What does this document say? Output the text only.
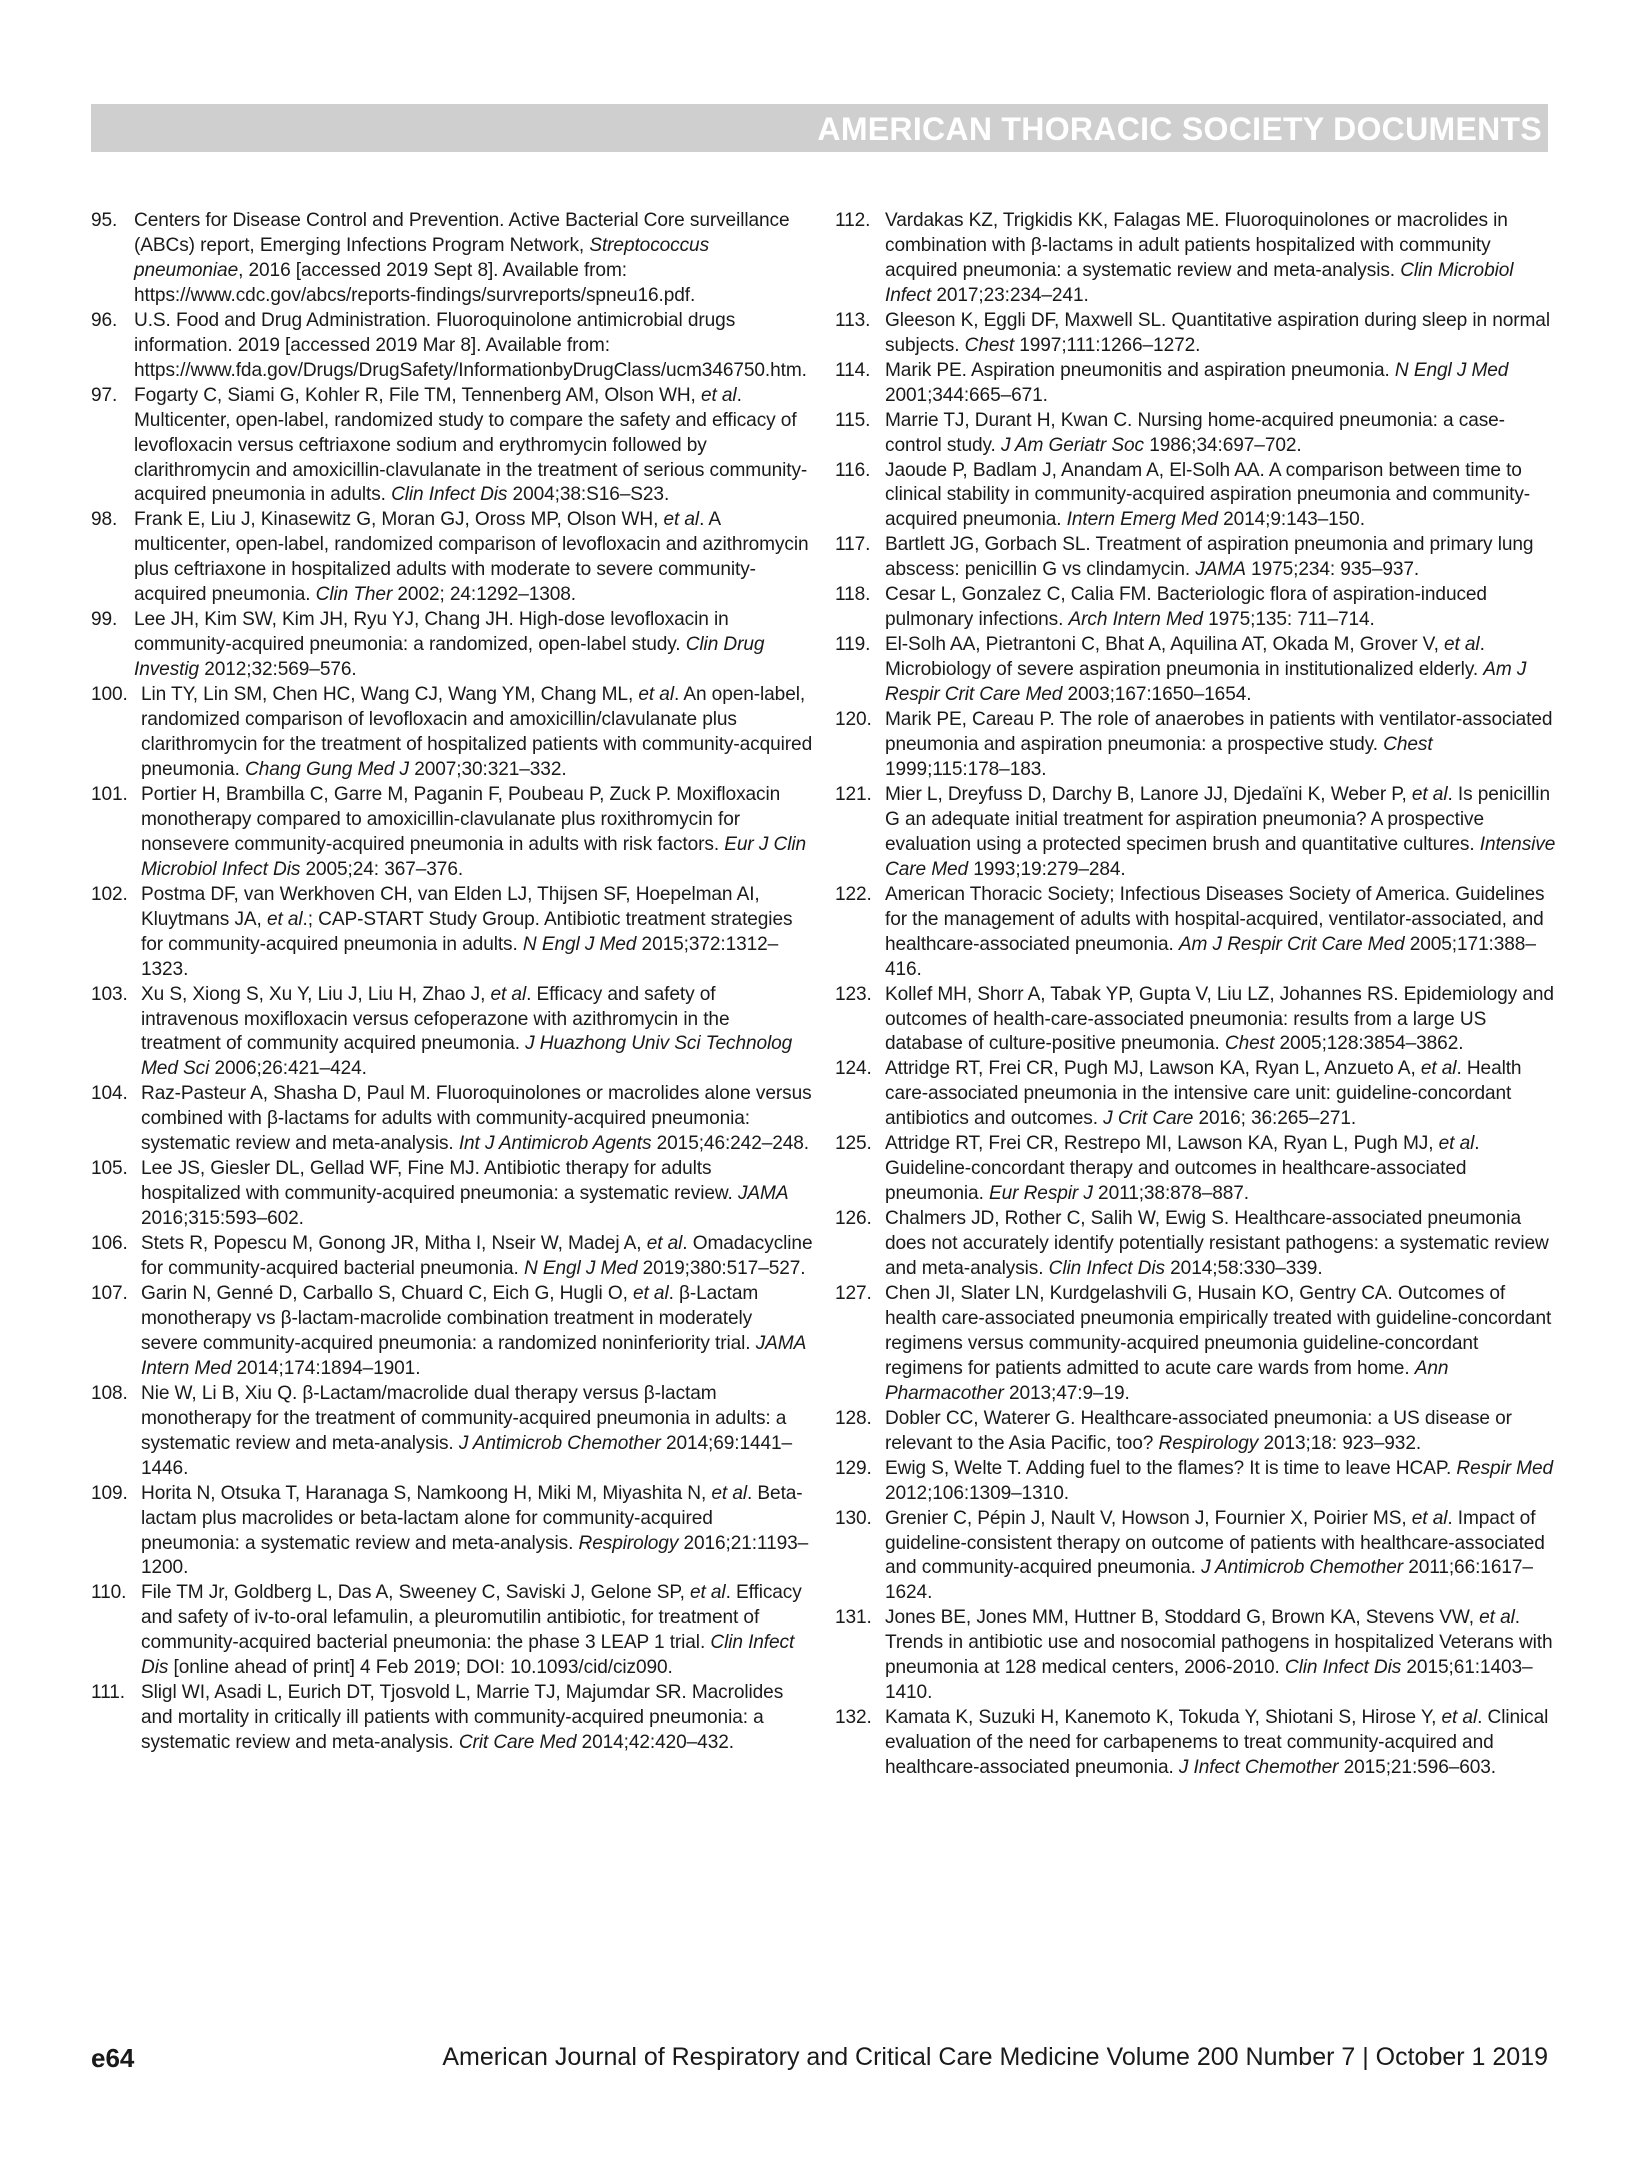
AMERICAN THORACIC SOCIETY DOCUMENTS
95. Centers for Disease Control and Prevention. Active Bacterial Core surveillance (ABCs) report, Emerging Infections Program Network, Streptococcus pneumoniae, 2016 [accessed 2019 Sept 8]. Available from: https://www.cdc.gov/abcs/reports-findings/survreports/spneu16.pdf.
96. U.S. Food and Drug Administration. Fluoroquinolone antimicrobial drugs information. 2019 [accessed 2019 Mar 8]. Available from: https://www.fda.gov/Drugs/DrugSafety/InformationbyDrugClass/ucm346750.htm.
97. Fogarty C, Siami G, Kohler R, File TM, Tennenberg AM, Olson WH, et al. Multicenter, open-label, randomized study to compare the safety and efficacy of levofloxacin versus ceftriaxone sodium and erythromycin followed by clarithromycin and amoxicillin-clavulanate in the treatment of serious community-acquired pneumonia in adults. Clin Infect Dis 2004;38:S16–S23.
98. Frank E, Liu J, Kinasewitz G, Moran GJ, Oross MP, Olson WH, et al. A multicenter, open-label, randomized comparison of levofloxacin and azithromycin plus ceftriaxone in hospitalized adults with moderate to severe community-acquired pneumonia. Clin Ther 2002; 24:1292–1308.
99. Lee JH, Kim SW, Kim JH, Ryu YJ, Chang JH. High-dose levofloxacin in community-acquired pneumonia: a randomized, open-label study. Clin Drug Investig 2012;32:569–576.
100. Lin TY, Lin SM, Chen HC, Wang CJ, Wang YM, Chang ML, et al. An open-label, randomized comparison of levofloxacin and amoxicillin/clavulanate plus clarithromycin for the treatment of hospitalized patients with community-acquired pneumonia. Chang Gung Med J 2007;30:321–332.
101. Portier H, Brambilla C, Garre M, Paganin F, Poubeau P, Zuck P. Moxifloxacin monotherapy compared to amoxicillin-clavulanate plus roxithromycin for nonsevere community-acquired pneumonia in adults with risk factors. Eur J Clin Microbiol Infect Dis 2005;24: 367–376.
102. Postma DF, van Werkhoven CH, van Elden LJ, Thijsen SF, Hoepelman AI, Kluytmans JA, et al.; CAP-START Study Group. Antibiotic treatment strategies for community-acquired pneumonia in adults. N Engl J Med 2015;372:1312–1323.
103. Xu S, Xiong S, Xu Y, Liu J, Liu H, Zhao J, et al. Efficacy and safety of intravenous moxifloxacin versus cefoperazone with azithromycin in the treatment of community acquired pneumonia. J Huazhong Univ Sci Technolog Med Sci 2006;26:421–424.
104. Raz-Pasteur A, Shasha D, Paul M. Fluoroquinolones or macrolides alone versus combined with β-lactams for adults with community-acquired pneumonia: systematic review and meta-analysis. Int J Antimicrob Agents 2015;46:242–248.
105. Lee JS, Giesler DL, Gellad WF, Fine MJ. Antibiotic therapy for adults hospitalized with community-acquired pneumonia: a systematic review. JAMA 2016;315:593–602.
106. Stets R, Popescu M, Gonong JR, Mitha I, Nseir W, Madej A, et al. Omadacycline for community-acquired bacterial pneumonia. N Engl J Med 2019;380:517–527.
107. Garin N, Genné D, Carballo S, Chuard C, Eich G, Hugli O, et al. β-Lactam monotherapy vs β-lactam-macrolide combination treatment in moderately severe community-acquired pneumonia: a randomized noninferiority trial. JAMA Intern Med 2014;174:1894–1901.
108. Nie W, Li B, Xiu Q. β-Lactam/macrolide dual therapy versus β-lactam monotherapy for the treatment of community-acquired pneumonia in adults: a systematic review and meta-analysis. J Antimicrob Chemother 2014;69:1441–1446.
109. Horita N, Otsuka T, Haranaga S, Namkoong H, Miki M, Miyashita N, et al. Beta-lactam plus macrolides or beta-lactam alone for community-acquired pneumonia: a systematic review and meta-analysis. Respirology 2016;21:1193–1200.
110. File TM Jr, Goldberg L, Das A, Sweeney C, Saviski J, Gelone SP, et al. Efficacy and safety of iv-to-oral lefamulin, a pleuromutilin antibiotic, for treatment of community-acquired bacterial pneumonia: the phase 3 LEAP 1 trial. Clin Infect Dis [online ahead of print] 4 Feb 2019; DOI: 10.1093/cid/ciz090.
111. Sligl WI, Asadi L, Eurich DT, Tjosvold L, Marrie TJ, Majumdar SR. Macrolides and mortality in critically ill patients with community-acquired pneumonia: a systematic review and meta-analysis. Crit Care Med 2014;42:420–432.
112. Vardakas KZ, Trigkidis KK, Falagas ME. Fluoroquinolones or macrolides in combination with β-lactams in adult patients hospitalized with community acquired pneumonia: a systematic review and meta-analysis. Clin Microbiol Infect 2017;23:234–241.
113. Gleeson K, Eggli DF, Maxwell SL. Quantitative aspiration during sleep in normal subjects. Chest 1997;111:1266–1272.
114. Marik PE. Aspiration pneumonitis and aspiration pneumonia. N Engl J Med 2001;344:665–671.
115. Marrie TJ, Durant H, Kwan C. Nursing home-acquired pneumonia: a case-control study. J Am Geriatr Soc 1986;34:697–702.
116. Jaoude P, Badlam J, Anandam A, El-Solh AA. A comparison between time to clinical stability in community-acquired aspiration pneumonia and community-acquired pneumonia. Intern Emerg Med 2014;9:143–150.
117. Bartlett JG, Gorbach SL. Treatment of aspiration pneumonia and primary lung abscess: penicillin G vs clindamycin. JAMA 1975;234: 935–937.
118. Cesar L, Gonzalez C, Calia FM. Bacteriologic flora of aspiration-induced pulmonary infections. Arch Intern Med 1975;135: 711–714.
119. El-Solh AA, Pietrantoni C, Bhat A, Aquilina AT, Okada M, Grover V, et al. Microbiology of severe aspiration pneumonia in institutionalized elderly. Am J Respir Crit Care Med 2003;167:1650–1654.
120. Marik PE, Careau P. The role of anaerobes in patients with ventilator-associated pneumonia and aspiration pneumonia: a prospective study. Chest 1999;115:178–183.
121. Mier L, Dreyfuss D, Darchy B, Lanore JJ, Djedaïni K, Weber P, et al. Is penicillin G an adequate initial treatment for aspiration pneumonia? A prospective evaluation using a protected specimen brush and quantitative cultures. Intensive Care Med 1993;19:279–284.
122. American Thoracic Society; Infectious Diseases Society of America. Guidelines for the management of adults with hospital-acquired, ventilator-associated, and healthcare-associated pneumonia. Am J Respir Crit Care Med 2005;171:388–416.
123. Kollef MH, Shorr A, Tabak YP, Gupta V, Liu LZ, Johannes RS. Epidemiology and outcomes of health-care-associated pneumonia: results from a large US database of culture-positive pneumonia. Chest 2005;128:3854–3862.
124. Attridge RT, Frei CR, Pugh MJ, Lawson KA, Ryan L, Anzueto A, et al. Health care-associated pneumonia in the intensive care unit: guideline-concordant antibiotics and outcomes. J Crit Care 2016; 36:265–271.
125. Attridge RT, Frei CR, Restrepo MI, Lawson KA, Ryan L, Pugh MJ, et al. Guideline-concordant therapy and outcomes in healthcare-associated pneumonia. Eur Respir J 2011;38:878–887.
126. Chalmers JD, Rother C, Salih W, Ewig S. Healthcare-associated pneumonia does not accurately identify potentially resistant pathogens: a systematic review and meta-analysis. Clin Infect Dis 2014;58:330–339.
127. Chen JI, Slater LN, Kurdgelashvili G, Husain KO, Gentry CA. Outcomes of health care-associated pneumonia empirically treated with guideline-concordant regimens versus community-acquired pneumonia guideline-concordant regimens for patients admitted to acute care wards from home. Ann Pharmacother 2013;47:9–19.
128. Dobler CC, Waterer G. Healthcare-associated pneumonia: a US disease or relevant to the Asia Pacific, too? Respirology 2013;18: 923–932.
129. Ewig S, Welte T. Adding fuel to the flames? It is time to leave HCAP. Respir Med 2012;106:1309–1310.
130. Grenier C, Pépin J, Nault V, Howson J, Fournier X, Poirier MS, et al. Impact of guideline-consistent therapy on outcome of patients with healthcare-associated and community-acquired pneumonia. J Antimicrob Chemother 2011;66:1617–1624.
131. Jones BE, Jones MM, Huttner B, Stoddard G, Brown KA, Stevens VW, et al. Trends in antibiotic use and nosocomial pathogens in hospitalized Veterans with pneumonia at 128 medical centers, 2006-2010. Clin Infect Dis 2015;61:1403–1410.
132. Kamata K, Suzuki H, Kanemoto K, Tokuda Y, Shiotani S, Hirose Y, et al. Clinical evaluation of the need for carbapenems to treat community-acquired and healthcare-associated pneumonia. J Infect Chemother 2015;21:596–603.
e64	American Journal of Respiratory and Critical Care Medicine Volume 200 Number 7 | October 1 2019
